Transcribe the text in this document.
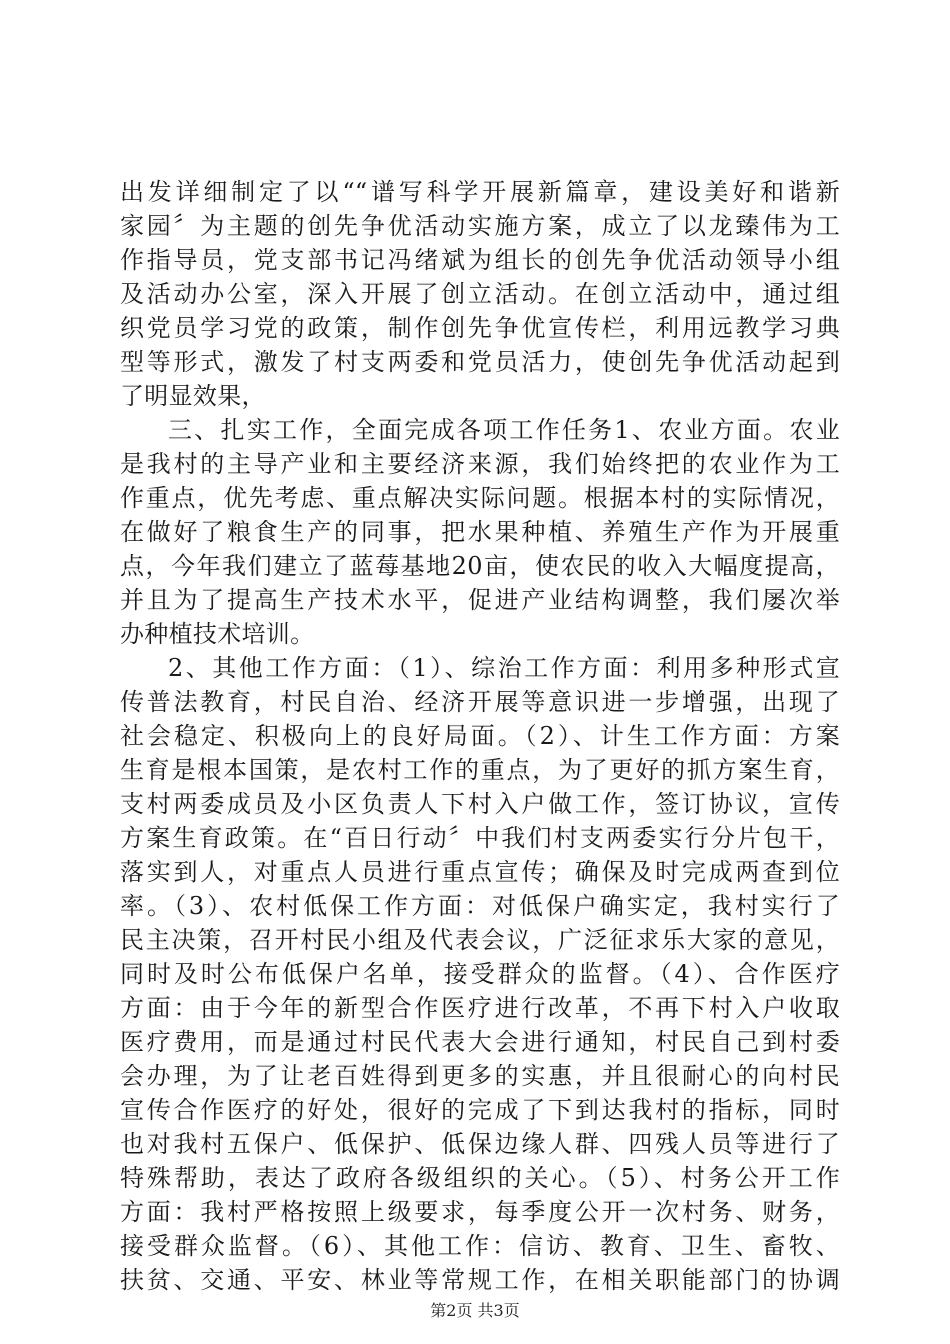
出发详细制定了以““谱写科学开展新篇章，建设美好和谐新
家园〞为主题的创先争优活动实施方案，成立了以龙臻伟为工
作指导员，党支部书记冯绪斌为组长的创先争优活动领导小组
及活动办公室，深入开展了创立活动。在创立活动中，通过组
织党员学习党的政策，制作创先争优宣传栏，利用远教学习典
型等形式，激发了村支两委和党员活力，使创先争优活动起到
了明显效果，
三、扎实工作，全面完成各项工作任务1、农业方面。农业
是我村的主导产业和主要经济来源，我们始终把的农业作为工
作重点，优先考虑、重点解决实际问题。根据本村的实际情况，
在做好了粮食生产的同事，把水果种植、养殖生产作为开展重
点，今年我们建立了蓝莓基地20亩，使农民的收入大幅度提高，
并且为了提高生产技术水平，促进产业结构调整，我们屡次举
办种植技术培训。
2、其他工作方面：（1）、综治工作方面：利用多种形式宣
传普法教育，村民自治、经济开展等意识进一步增强，出现了
社会稳定、积极向上的良好局面。（2）、计生工作方面：方案
生育是根本国策，是农村工作的重点，为了更好的抓方案生育，
支村两委成员及小区负责人下村入户做工作，签订协议，宣传
方案生育政策。在“百日行动〞中我们村支两委实行分片包干，
落实到人，对重点人员进行重点宣传；确保及时完成两查到位
率。（3）、农村低保工作方面：对低保户确实定，我村实行了
民主决策，召开村民小组及代表会议，广泛征求乐大家的意见，
同时及时公布低保户名单，接受群众的监督。（4）、合作医疗
方面：由于今年的新型合作医疗进行改革，不再下村入户收取
医疗费用，而是通过村民代表大会进行通知，村民自己到村委
会办理，为了让老百姓得到更多的实惠，并且很耐心的向村民
宣传合作医疗的好处，很好的完成了下到达我村的指标，同时
也对我村五保户、低保护、低保边缘人群、四残人员等进行了
特殊帮助，表达了政府各级组织的关心。（5）、村务公开工作
方面：我村严格按照上级要求，每季度公开一次村务、财务，
接受群众监督。（6）、其他工作：信访、教育、卫生、畜牧、
扶贫、交通、平安、林业等常规工作，在相关职能部门的协调
第2页 共3页
